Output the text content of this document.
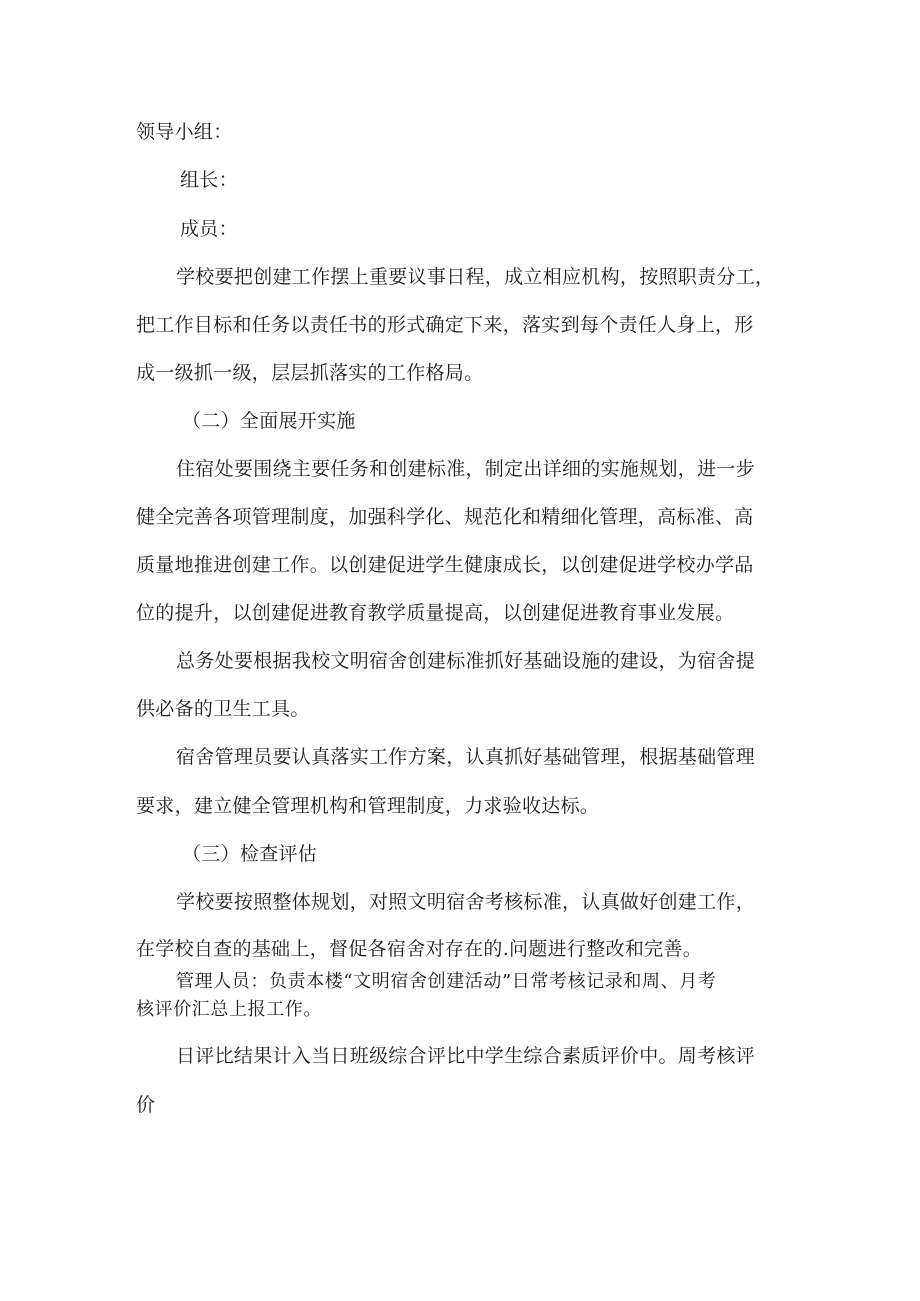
领导小组：
组长：
成员：
学校要把创建工作摆上重要议事日程，成立相应机构，按照职责分工，
把工作目标和任务以责任书的形式确定下来，落实到每个责任人身上，形
成一级抓一级，层层抓落实的工作格局。
（二）全面展开实施
住宿处要围绕主要任务和创建标准，制定出详细的实施规划，进一步
健全完善各项管理制度，加强科学化、规范化和精细化管理，高标准、高
质量地推进创建工作。以创建促进学生健康成长，以创建促进学校办学品
位的提升，以创建促进教育教学质量提高，以创建促进教育事业发展。
总务处要根据我校文明宿舍创建标准抓好基础设施的建设，为宿舍提
供必备的卫生工具。
宿舍管理员要认真落实工作方案，认真抓好基础管理，根据基础管理
要求，建立健全管理机构和管理制度，力求验收达标。
（三）检查评估
学校要按照整体规划，对照文明宿舍考核标准，认真做好创建工作，
在学校自查的基础上，督促各宿舍对存在的.问题进行整改和完善。
管理人员：负责本楼“文明宿舍创建活动”日常考核记录和周、月考
核评价汇总上报工作。
日评比结果计入当日班级综合评比中学生综合素质评价中。周考核评
价
